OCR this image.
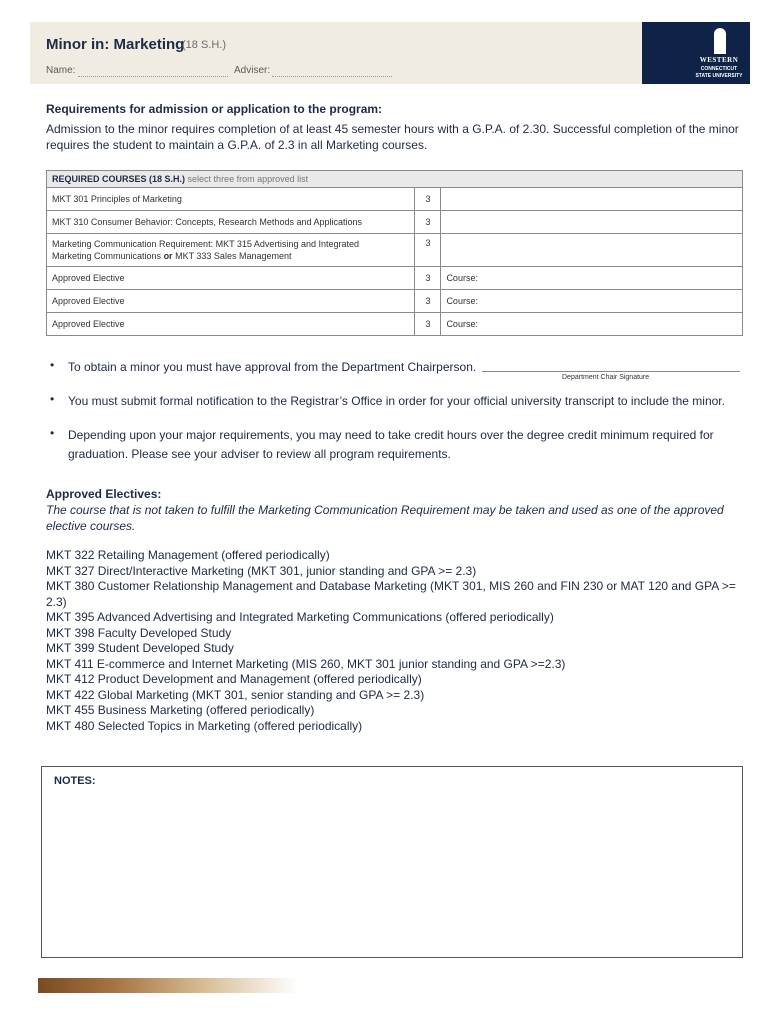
Minor in: Marketing
(18 S.H.)
Name:	Adviser:
WESTERN
CONNECTICUT
STATE UNIVERSITY
Requirements for admission or application to the program:
Admission to the minor requires completion of at least 45 semester hours with a G.P.A. of 2.30. Successful completion of the minor requires the student to maintain a G.P.A. of 2.3 in all Marketing courses.
REQUIRED COURSES (18 S.H.) select three from approved list		
MKT 301 Principles of Marketing	3	
MKT 310 Consumer Behavior: Concepts, Research Methods and Applications	3	
Marketing Communication Requirement: MKT 315 Advertising and Integrated
Marketing Communications or MKT 333 Sales Management	3	
Approved Elective	3	Course:
Approved Elective	3	Course:
Approved Elective	3	Course:
• To obtain a minor you must have approval from the Department Chairperson.
Department Chair Signature
• You must submit formal notification to the Registrar’s Office in order for your official university transcript to include the minor.
• Depending upon your major requirements, you may need to take credit hours over the degree credit minimum required for graduation. Please see your adviser to review all program requirements.
Approved Electives:
The course that is not taken to fulfill the Marketing Communication Requirement may be taken and used as one of the approved elective courses.
MKT 322 Retailing Management (offered periodically)
MKT 327 Direct/Interactive Marketing (MKT 301, junior standing and GPA >= 2.3)
MKT 380 Customer Relationship Management and Database Marketing (MKT 301, MIS 260 and FIN 230 or MAT 120 and GPA >= 2.3)
MKT 395 Advanced Advertising and Integrated Marketing Communications (offered periodically)
MKT 398 Faculty Developed Study
MKT 399 Student Developed Study
MKT 411 E-commerce and Internet Marketing (MIS 260, MKT 301 junior standing and GPA >=2.3)
MKT 412 Product Development and Management (offered periodically)
MKT 422 Global Marketing (MKT 301, senior standing and GPA >= 2.3)
MKT 455 Business Marketing (offered periodically)
MKT 480 Selected Topics in Marketing (offered periodically)
NOTES:
